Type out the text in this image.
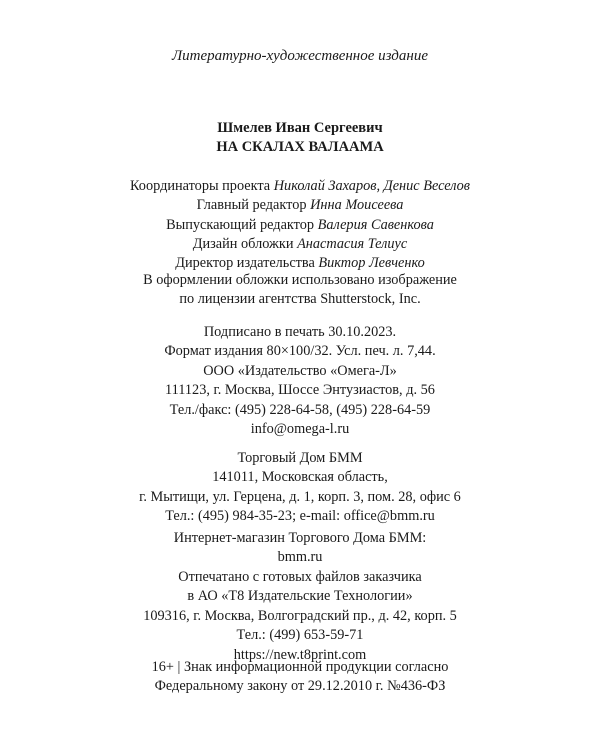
Литературно-художественное издание
Шмелев Иван Сергеевич
НА СКАЛАХ ВАЛААМА
Координаторы проекта Николай Захаров, Денис Веселов
Главный редактор Инна Моисеева
Выпускающий редактор Валерия Савенкова
Дизайн обложки Анастасия Телиус
Директор издательства Виктор Левченко
В оформлении обложки использовано изображение
по лицензии агентства Shutterstock, Inc.
Подписано в печать 30.10.2023.
Формат издания 80×100/32. Усл. печ. л. 7,44.
ООО «Издательство «Омега-Л»
111123, г. Москва, Шоссе Энтузиастов, д. 56
Тел./факс: (495) 228-64-58, (495) 228-64-59
info@omega-l.ru
Торговый Дом БММ
141011, Московская область,
г. Мытищи, ул. Герцена, д. 1, корп. 3, пом. 28, офис 6
Тел.: (495) 984-35-23; e-mail: office@bmm.ru
Интернет-магазин Торгового Дома БММ:
bmm.ru
Отпечатано с готовых файлов заказчика
в АО «Т8 Издательские Технологии»
109316, г. Москва, Волгоградский пр., д. 42, корп. 5
Тел.: (499) 653-59-71
https://new.t8print.com
16+ | Знак информационной продукции согласно
Федеральному закону от 29.12.2010 г. №436-ФЗ
